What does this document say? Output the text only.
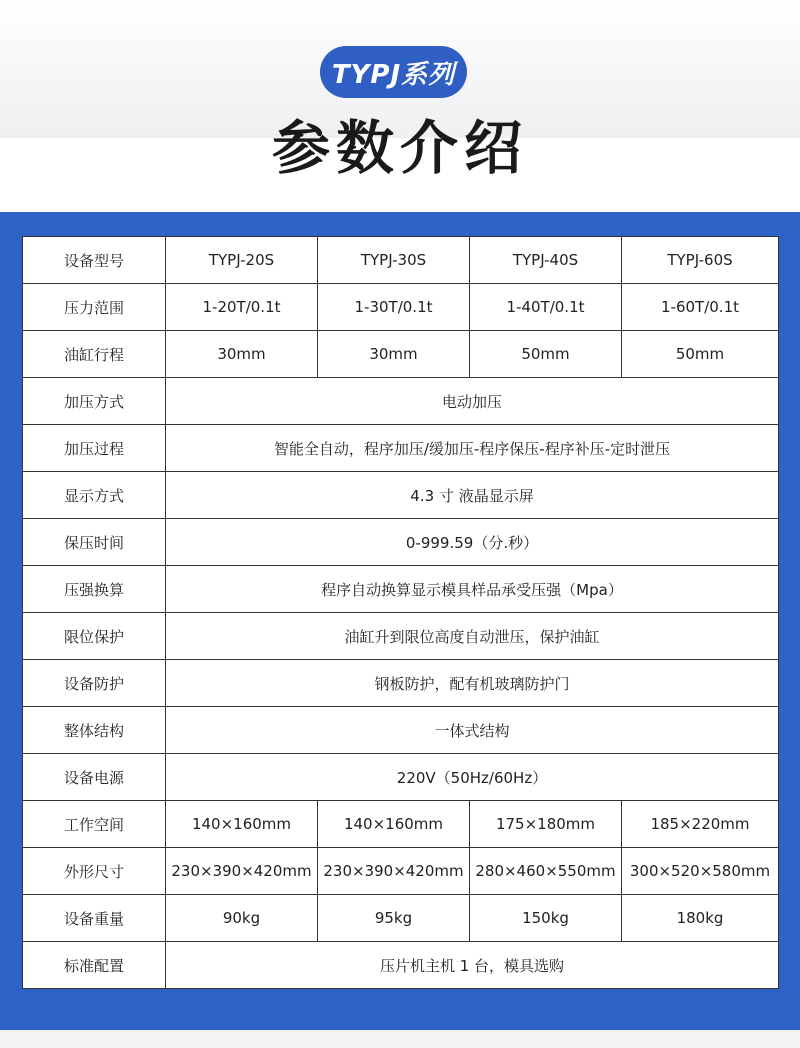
TYPJ系列
参数介绍
设备型号	TYPJ-20S	TYPJ-30S	TYPJ-40S	TYPJ-60S
压力范围	1-20T/0.1t	1-30T/0.1t	1-40T/0.1t	1-60T/0.1t
油缸行程	30mm	30mm	50mm	50mm
加压方式	电动加压			
加压过程	智能全自动，程序加压/缓加压-程序保压-程序补压-定时泄压			
显示方式	4.3 寸 液晶显示屏			
保压时间	0-999.59（分.秒）			
压强换算	程序自动换算显示模具样品承受压强（Mpa）			
限位保护	油缸升到限位高度自动泄压，保护油缸			
设备防护	钢板防护，配有机玻璃防护门			
整体结构	一体式结构			
设备电源	220V（50Hz/60Hz）			
工作空间	140×160mm	140×160mm	175×180mm	185×220mm
外形尺寸	230×390×420mm	230×390×420mm	280×460×550mm	300×520×580mm
设备重量	90kg	95kg	150kg	180kg
标准配置	压片机主机 1 台，模具选购			
